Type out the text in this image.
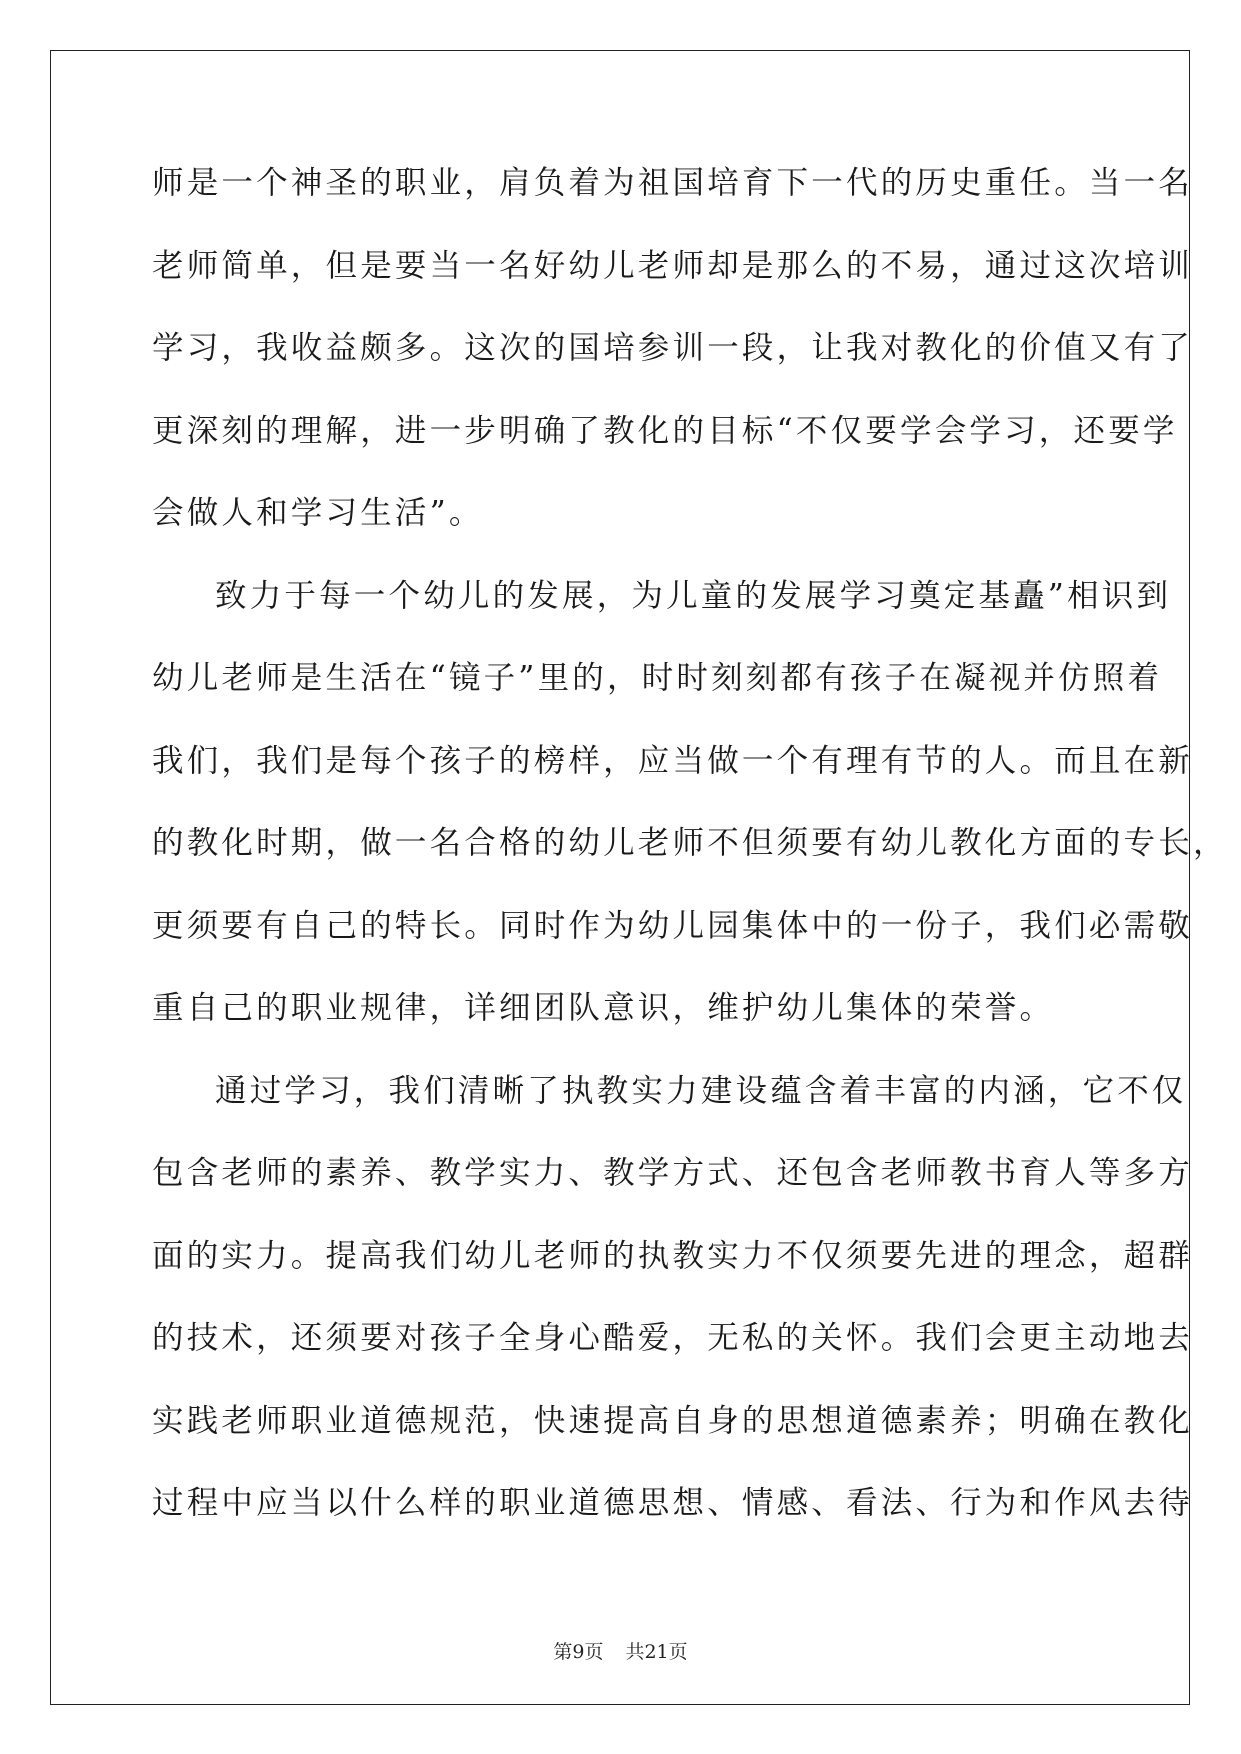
师是一个神圣的职业，肩负着为祖国培育下一代的历史重任。当一名
老师简单，但是要当一名好幼儿老师却是那么的不易，通过这次培训
学习，我收益颇多。这次的国培参训一段，让我对教化的价值又有了
更深刻的理解，进一步明确了教化的目标“不仅要学会学习，还要学
会做人和学习生活”。
致力于每一个幼儿的发展，为儿童的发展学习奠定基矗”相识到
幼儿老师是生活在“镜子”里的，时时刻刻都有孩子在凝视并仿照着
我们，我们是每个孩子的榜样，应当做一个有理有节的人。而且在新
的教化时期，做一名合格的幼儿老师不但须要有幼儿教化方面的专长，
更须要有自己的特长。同时作为幼儿园集体中的一份子，我们必需敬
重自己的职业规律，详细团队意识，维护幼儿集体的荣誉。
通过学习，我们清晰了执教实力建设蕴含着丰富的内涵，它不仅
包含老师的素养、教学实力、教学方式、还包含老师教书育人等多方
面的实力。提高我们幼儿老师的执教实力不仅须要先进的理念，超群
的技术，还须要对孩子全身心酷爱，无私的关怀。我们会更主动地去
实践老师职业道德规范，快速提高自身的思想道德素养；明确在教化
过程中应当以什么样的职业道德思想、情感、看法、行为和作风去待
第9页 共21页
